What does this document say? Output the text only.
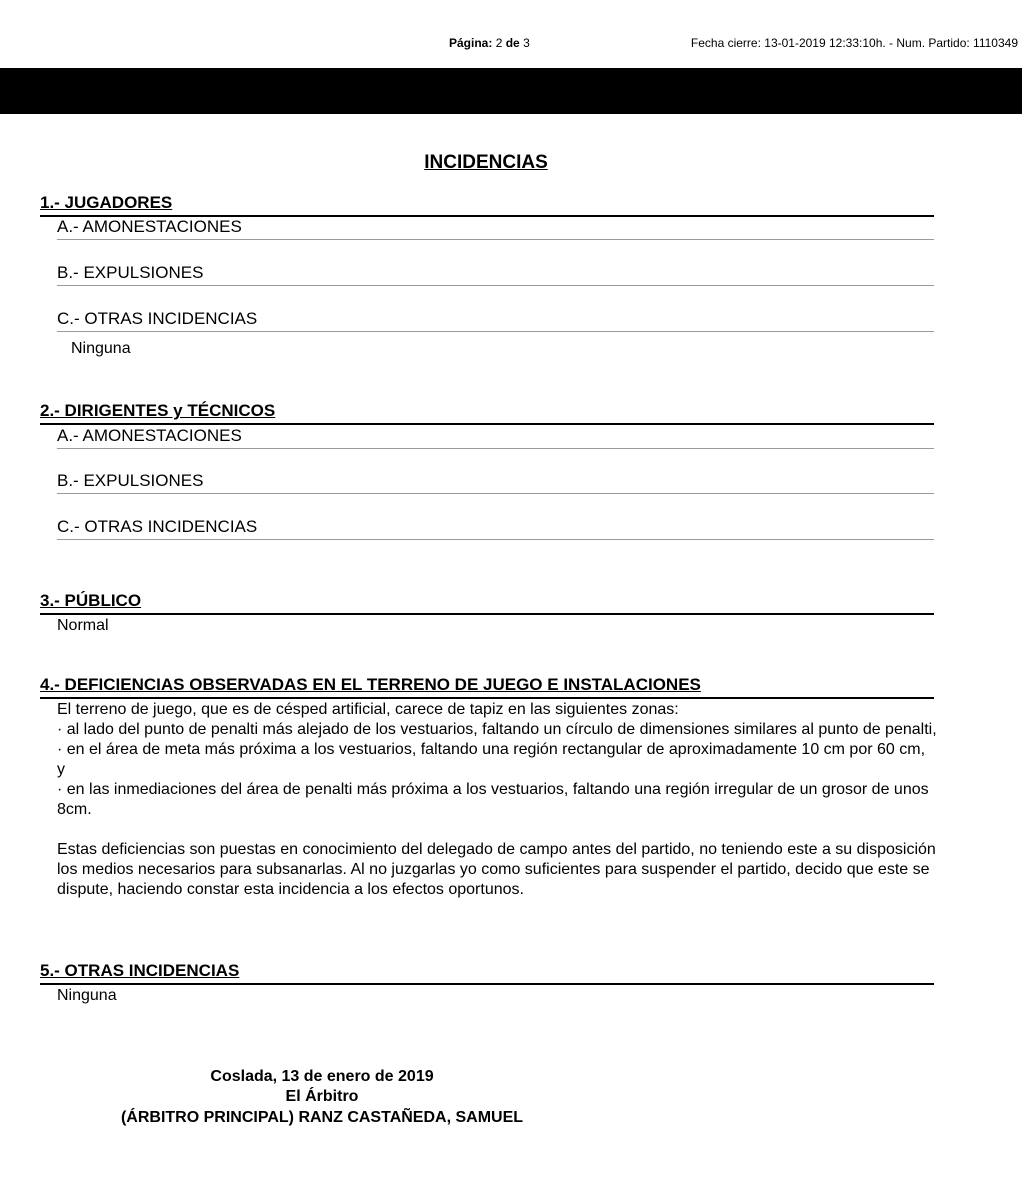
Página: 2 de 3	Fecha cierre: 13-01-2019 12:33:10h. - Num. Partido: 1110349
INCIDENCIAS
1.- JUGADORES
A.- AMONESTACIONES
B.- EXPULSIONES
C.- OTRAS INCIDENCIAS
Ninguna
2.- DIRIGENTES y TÉCNICOS
A.- AMONESTACIONES
B.- EXPULSIONES
C.- OTRAS INCIDENCIAS
3.- PÚBLICO
Normal
4.- DEFICIENCIAS OBSERVADAS EN EL TERRENO DE JUEGO E INSTALACIONES

El terreno de juego, que es de césped artificial, carece de tapiz en las siguientes zonas:

· al lado del punto de penalti más alejado de los vestuarios, faltando un círculo de dimensiones similares al punto de penalti,

· en el área de meta más próxima a los vestuarios, faltando una región rectangular de aproximadamente 10 cm por 60 cm, y

· en las inmediaciones del área de penalti más próxima a los vestuarios, faltando una región irregular de un grosor de unos 8cm.

Estas deficiencias son puestas en conocimiento del delegado de campo antes del partido, no teniendo este a su disposición los medios necesarios para subsanarlas. Al no juzgarlas yo como suficientes para suspender el partido, decido que este se dispute, haciendo constar esta incidencia a los efectos oportunos.

5.- OTRAS INCIDENCIAS
Ninguna
Coslada, 13 de enero de 2019
El Árbitro
(ÁRBITRO PRINCIPAL) RANZ CASTAÑEDA, SAMUEL
